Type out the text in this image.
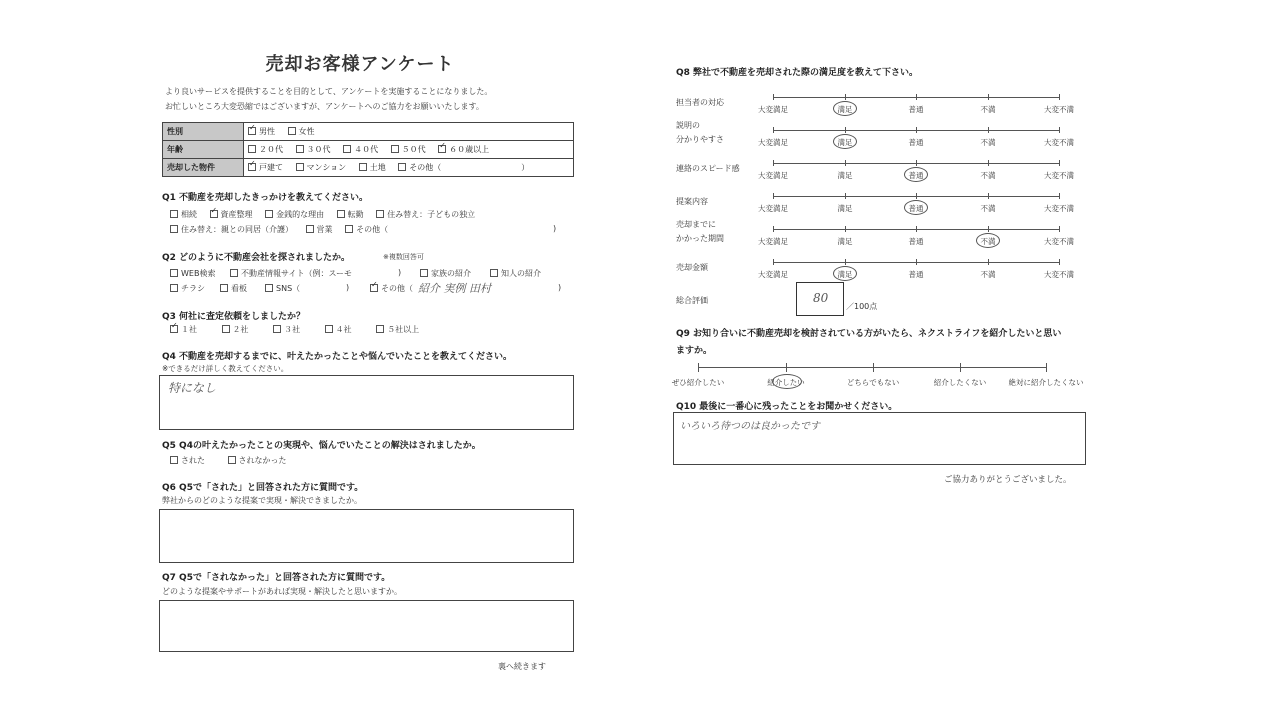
売却お客様アンケート
より良いサービスを提供することを目的として、アンケートを実施することになりました。
お忙しいところ大変恐縮ではございますが、アンケートへのご協力をお願いいたします。
性別	✓男性 女性
年齢	２０代 ３０代 ４０代 ５０代 ✓ ６０歳以上
売却した物件	✓戸建て マンション 土地 その他（ ）
Q1 不動産を売却したきっかけを教えてください。
相続 ✓	資産整理	金銭的な理由	転勤	住み替え：子どもの独立
住み替え：親との同居（介護）	営業	その他（	)
Q2 どのように不動産会社を探されましたか。	※複数回答可
WEB検索	不動産情報サイト（例：スーモ	)	家族の紹介	知人の紹介
チラシ	看板	SNS（	) ✓	その他（ 紹介 実例 田村	)
Q3 何社に査定依頼をしましたか？
✓１社	２社	３社	４社	５社以上
Q4 不動産を売却するまでに、叶えたかったことや悩んでいたことを教えてください。
※できるだけ詳しく教えてください。
特になし
Q5 Q4の叶えたかったことの実現や、悩んでいたことの解決はされましたか。
された	されなかった
Q6 Q5で「された」と回答された方に質問です。
弊社からのどのような提案で実現・解決できましたか。
Q7 Q5で「されなかった」と回答された方に質問です。
どのような提案やサポートがあれば実現・解決したと思いますか。
裏へ続きます
Q8 弊社で不動産を売却された際の満足度を教えて下さい。
担当者の対応
大変満足	満足	普通	不満	大変不満
説明の
分かりやすさ	大変満足	満足	普通	不満	大変不満
連絡のスピード感
大変満足	満足	普通	不満	大変不満
提案内容
大変満足	満足	普通	不満	大変不満
売却までに
かかった期間	大変満足	満足	普通	不満	大変不満
売却金額
大変満足	満足	普通	不満	大変不満
総合評価	80
／100点
Q9 お知り合いに不動産売却を検討されている方がいたら、ネクストライフを紹介したいと思い
ますか。
ぜひ紹介したい	紹介したい	どちらでもない	紹介したくない	絶対に紹介したくない
Q10 最後に一番心に残ったことをお聞かせください。
いろいろ待つのは良かったです
ご協力ありがとうございました。
